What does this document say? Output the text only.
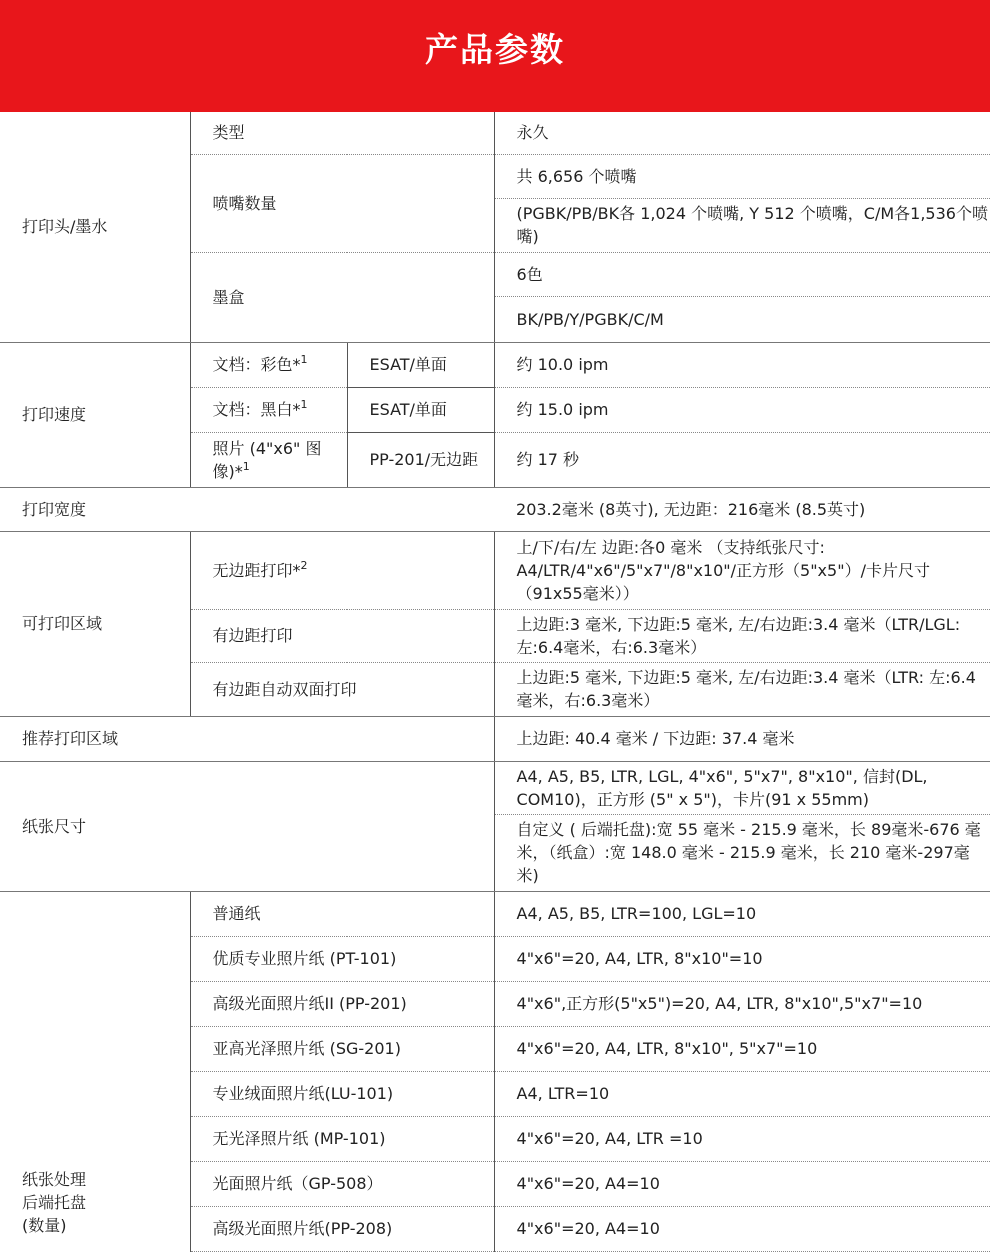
产品参数
打印头/墨水	类型		永久
	喷嘴数量		共 6,656 个喷嘴
			(PGBK/PB/BK各 1,024 个喷嘴, Y 512 个喷嘴，C/M各1,536个喷嘴)
	墨盒		6色
			BK/PB/Y/PGBK/C/M
打印速度	文档：彩色*$^1$	ESAT/单面	约 10.0 ipm
	文档：黑白*$^1$	ESAT/单面	约 15.0 ipm
	照片 (4"x6" 图像)*$^1$	PP-201/无边距	约 17 秒
打印宽度			203.2毫米 (8英寸), 无边距：216毫米 (8.5英寸)
可打印区域	无边距打印*$^2$		上/下/右/左 边距:各0 毫米 （支持纸张尺寸: A4/LTR/4"x6"/5"x7"/8"x10"/正方形（5"x5"）/卡片尺寸（91x55毫米））
	有边距打印		上边距:3 毫米, 下边距:5 毫米, 左/右边距:3.4 毫米（LTR/LGL: 左:6.4毫米，右:6.3毫米）
	有边距自动双面打印		上边距:5 毫米, 下边距:5 毫米, 左/右边距:3.4 毫米（LTR: 左:6.4毫米，右:6.3毫米）
推荐打印区域			上边距: 40.4 毫米 / 下边距: 37.4 毫米
纸张尺寸			A4, A5, B5, LTR, LGL, 4"x6", 5"x7", 8"x10", 信封(DL, COM10)，正方形 (5" x 5")，卡片(91 x 55mm)
			自定义 ( 后端托盘):宽 55 毫米 - 215.9 毫米，长 89毫米-676 毫米，（纸盒）:宽 148.0 毫米 - 215.9 毫米，长 210 毫米-297毫米)

纸张处理
后端托盘
(数量)	普通纸		A4, A5, B5, LTR=100, LGL=10
	优质专业照片纸 (PT-101)		4"x6"=20, A4, LTR, 8"x10"=10
	高级光面照片纸II (PP-201)		4"x6",正方形(5"x5")=20, A4, LTR, 8"x10",5"x7"=10
	亚高光泽照片纸 (SG-201)		4"x6"=20, A4, LTR, 8"x10", 5"x7"=10
	专业绒面照片纸(LU-101)		A4, LTR=10
	无光泽照片纸 (MP-101)		4"x6"=20, A4, LTR =10
	光面照片纸（GP-508）		4"x6"=20, A4=10
	高级光面照片纸(PP-208)		4"x6"=20, A4=10
